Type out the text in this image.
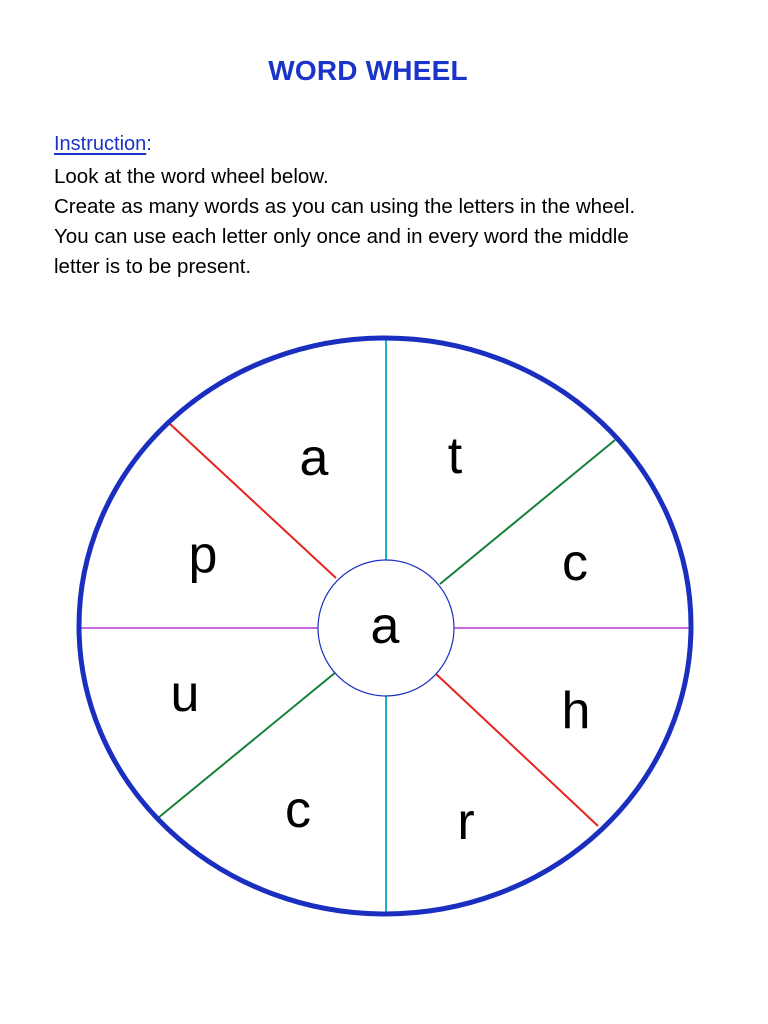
WORD WHEEL
Instruction:
Look at the word wheel below.
Create as many words as you can using the letters in the wheel.
You can use each letter only once and in every word the middle
letter is to be present.
a
a t
c
h
r
c
u
p
